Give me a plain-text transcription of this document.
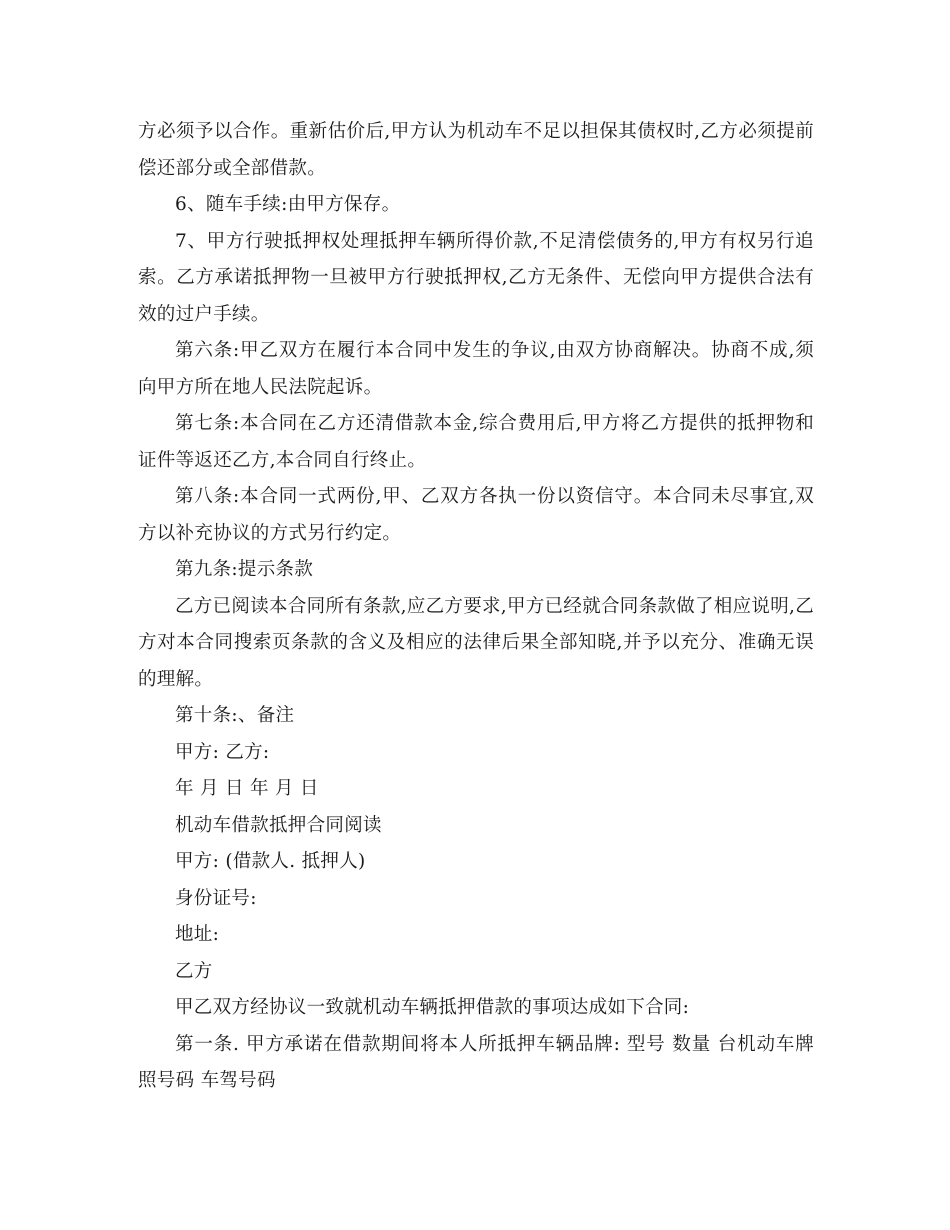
方必须予以合作。重新估价后,甲方认为机动车不足以担保其债权时,乙方必须提前偿还部分或全部借款。

6、随车手续:由甲方保存。

7、甲方行驶抵押权处理抵押车辆所得价款,不足清偿债务的,甲方有权另行追索。乙方承诺抵押物一旦被甲方行驶抵押权,乙方无条件、无偿向甲方提供合法有效的过户手续。

第六条:甲乙双方在履行本合同中发生的争议,由双方协商解决。协商不成,须向甲方所在地人民法院起诉。

第七条:本合同在乙方还清借款本金,综合费用后,甲方将乙方提供的抵押物和证件等返还乙方,本合同自行终止。

第八条:本合同一式两份,甲、乙双方各执一份以资信守。本合同未尽事宜,双方以补充协议的方式另行约定。

第九条:提示条款

乙方已阅读本合同所有条款,应乙方要求,甲方已经就合同条款做了相应说明,乙方对本合同搜索页条款的含义及相应的法律后果全部知晓,并予以充分、准确无误的理解。

第十条:、备注

甲方: 乙方:

年 月 日 年 月 日

机动车借款抵押合同阅读

甲方: (借款人. 抵押人)

身份证号:

地址:

乙方

甲乙双方经协议一致就机动车辆抵押借款的事项达成如下合同:

第一条. 甲方承诺在借款期间将本人所抵押车辆品牌: 型号 数量 台机动车牌照号码 车驾号码
